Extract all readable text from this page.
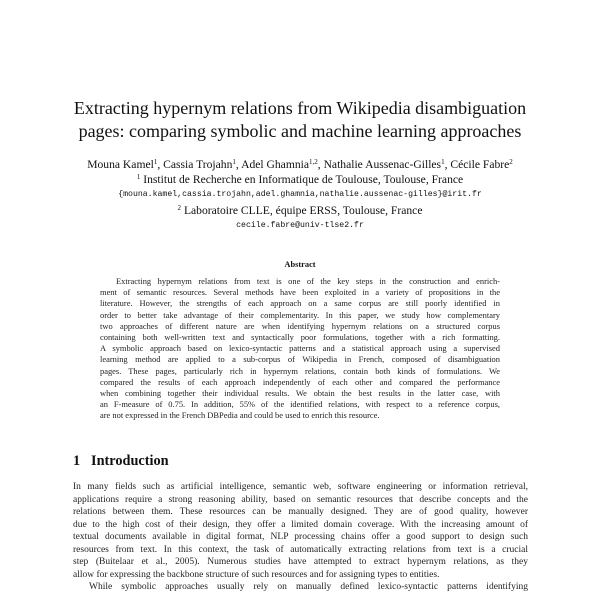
Extracting hypernym relations from Wikipedia disambiguation
pages: comparing symbolic and machine learning approaches
Mouna Kamel$^1$, Cassia Trojahn$^1$, Adel Ghamnia$^{1,2}$, Nathalie Aussenac-Gilles$^1$, Cécile Fabre$^2$
$^1$ Institut de Recherche en Informatique de Toulouse, Toulouse, France
{mouna.kamel,cassia.trojahn,adel.ghamnia,nathalie.aussenac-gilles}@irit.fr
$^2$ Laboratoire CLLE, équipe ERSS, Toulouse, France
cecile.fabre@univ-tlse2.fr
Abstract
Extracting hypernym relations from text is one of the key steps in the construction and enrich-
ment of semantic resources. Several methods have been exploited in a variety of propositions in the
literature. However, the strengths of each approach on a same corpus are still poorly identified in
order to better take advantage of their complementarity. In this paper, we study how complementary
two approaches of different nature are when identifying hypernym relations on a structured corpus
containing both well-written text and syntactically poor formulations, together with a rich formatting.
A symbolic approach based on lexico-syntactic patterns and a statistical approach using a supervised
learning method are applied to a sub-corpus of Wikipedia in French, composed of disambiguation
pages. These pages, particularly rich in hypernym relations, contain both kinds of formulations. We
compared the results of each approach independently of each other and compared the performance
when combining together their individual results. We obtain the best results in the latter case, with
an F-measure of 0.75. In addition, 55% of the identified relations, with respect to a reference corpus,
are not expressed in the French DBPedia and could be used to enrich this resource.
1 Introduction
In many fields such as artificial intelligence, semantic web, software engineering or information retrieval,
applications require a strong reasoning ability, based on semantic resources that describe concepts and the
relations between them. These resources can be manually designed. They are of good quality, however
due to the high cost of their design, they offer a limited domain coverage. With the increasing amount of
textual documents available in digital format, NLP processing chains offer a good support to design such
resources from text. In this context, the task of automatically extracting relations from text is a crucial
step (Buitelaar et al., 2005). Numerous studies have attempted to extract hypernym relations, as they
allow for expressing the backbone structure of such resources and for assigning types to entities.
While symbolic approaches usually rely on manually defined lexico-syntactic patterns identifying
